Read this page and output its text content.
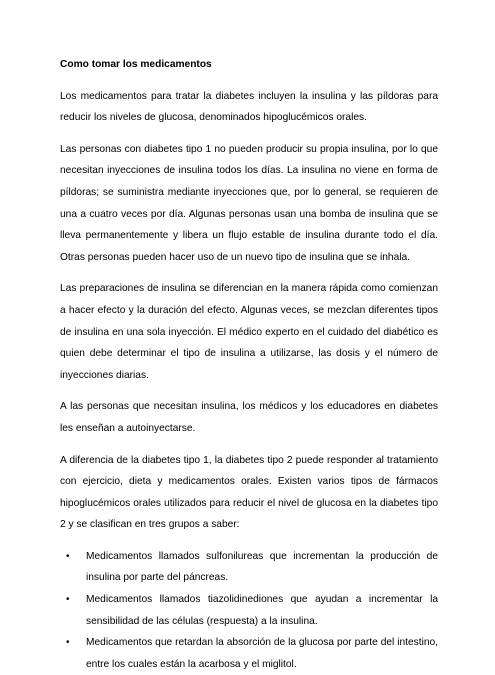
Como tomar los medicamentos

Los medicamentos para tratar la diabetes incluyen la insulina y las píldoras para reducir los niveles de glucosa, denominados hipoglucémicos orales.

Las personas con diabetes tipo 1 no pueden producir su propia insulina, por lo que necesitan inyecciones de insulina todos los días. La insulina no viene en forma de píldoras; se suministra mediante inyecciones que, por lo general, se requieren de una a cuatro veces por día. Algunas personas usan una bomba de insulina que se lleva permanentemente y libera un flujo estable de insulina durante todo el día. Otras personas pueden hacer uso de un nuevo tipo de insulina que se inhala.

Las preparaciones de insulina se diferencian en la manera rápida como comienzan a hacer efecto y la duración del efecto. Algunas veces, se mezclan diferentes tipos de insulina en una sola inyección. El médico experto en el cuidado del diabético es quien debe determinar el tipo de insulina a utilizarse, las dosis y el número de inyecciones diarias.

A las personas que necesitan insulina, los médicos y los educadores en diabetes les enseñan a autoinyectarse.

A diferencia de la diabetes tipo 1, la diabetes tipo 2 puede responder al tratamiento con ejercicio, dieta y medicamentos orales. Existen varios tipos de fármacos hipoglucémicos orales utilizados para reducir el nivel de glucosa en la diabetes tipo 2 y se clasifican en tres grupos a saber:

• Medicamentos llamados sulfonilureas que incrementan la producción de insulina por parte del páncreas.
• Medicamentos llamados tiazolidinediones que ayudan a incrementar la sensibilidad de las células (respuesta) a la insulina.
• Medicamentos que retardan la absorción de la glucosa por parte del intestino, entre los cuales están la acarbosa y el miglitol.
